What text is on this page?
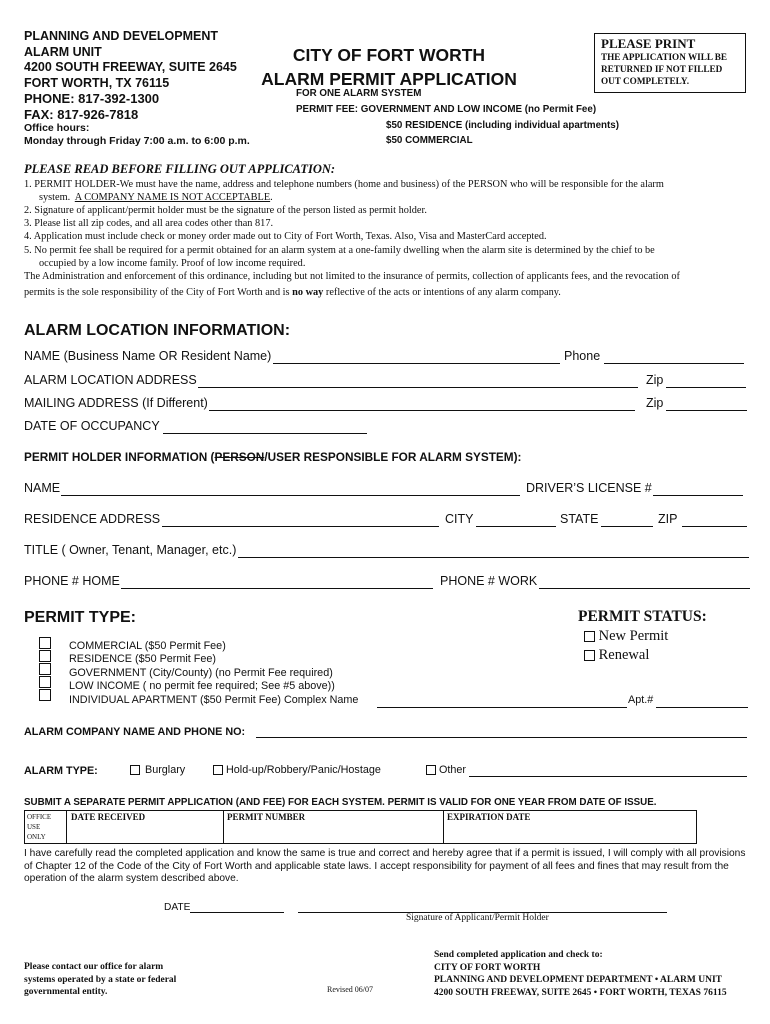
PLANNING AND DEVELOPMENT
ALARM UNIT
4200 SOUTH FREEWAY, SUITE 2645
FORT WORTH, TX 76115
PHONE: 817-392-1300
FAX: 817-926-7818
Office hours:
Monday through Friday 7:00 a.m. to 6:00 p.m.
CITY OF FORT WORTH
ALARM PERMIT APPLICATION
FOR ONE ALARM SYSTEM
PERMIT FEE: GOVERNMENT AND LOW INCOME (no Permit Fee)
$50 RESIDENCE (including individual apartments)
$50 COMMERCIAL
PLEASE PRINT
THE APPLICATION WILL BE RETURNED IF NOT FILLED OUT COMPLETELY.
PLEASE READ BEFORE FILLING OUT APPLICATION:
1. PERMIT HOLDER-We must have the name, address and telephone numbers (home and business) of the PERSON who will be responsible for the alarm
system. A COMPANY NAME IS NOT ACCEPTABLE.
2. Signature of applicant/permit holder must be the signature of the person listed as permit holder.
3. Please list all zip codes, and all area codes other than 817.
4. Application must include check or money order made out to City of Fort Worth, Texas. Also, Visa and MasterCard accepted.
5. No permit fee shall be required for a permit obtained for an alarm system at a one-family dwelling when the alarm site is determined by the chief to be
occupied by a low income family. Proof of low income required.
The Administration and enforcement of this ordinance, including but not limited to the insurance of permits, collection of applicants fees, and the revocation of
permits is the sole responsibility of the City of Fort Worth and is no way reflective of the acts or intentions of any alarm company.
ALARM LOCATION INFORMATION:
NAME (Business Name OR Resident Name)	Phone
ALARM LOCATION ADDRESS	Zip
MAILING ADDRESS (If Different)	Zip
DATE OF OCCUPANCY
PERMIT HOLDER INFORMATION (PERSON/USER RESPONSIBLE FOR ALARM SYSTEM):
NAME	DRIVER’S LICENSE #
RESIDENCE ADDRESS	CITY	STATE	ZIP
TITLE ( Owner, Tenant, Manager, etc.)
PHONE # HOME	PHONE # WORK
PERMIT TYPE:
COMMERCIAL ($50 Permit Fee)
RESIDENCE ($50 Permit Fee)
GOVERNMENT (City/County) (no Permit Fee required)
LOW INCOME ( no permit fee required; See #5 above))
INDIVIDUAL APARTMENT ($50 Permit Fee) Complex Name	Apt.#
PERMIT STATUS:
New Permit
Renewal
ALARM COMPANY NAME AND PHONE NO:
ALARM TYPE:	Burglary	Hold-up/Robbery/Panic/Hostage	Other
SUBMIT A SEPARATE PERMIT APPLICATION (AND FEE) FOR EACH SYSTEM. PERMIT IS VALID FOR ONE YEAR FROM DATE OF ISSUE.
OFFICE
USE
ONLY
DATE RECEIVED	PERMIT NUMBER	EXPIRATION DATE
I have carefully read the completed application and know the same is true and correct and hereby agree that if a permit is issued, I will comply with all provisions of Chapter 12 of the Code of the City of Fort Worth and applicable state laws. I accept responsibility for payment of all fees and fines that may result from the operation of the alarm system described above.
DATE
Signature of Applicant/Permit Holder
Please contact our office for alarm
systems operated by a state or federal
governmental entity.	Revised 06/07
Send completed application and check to:
CITY OF FORT WORTH
PLANNING AND DEVELOPMENT DEPARTMENT • ALARM UNIT
4200 SOUTH FREEWAY, SUITE 2645 • FORT WORTH, TEXAS 76115
